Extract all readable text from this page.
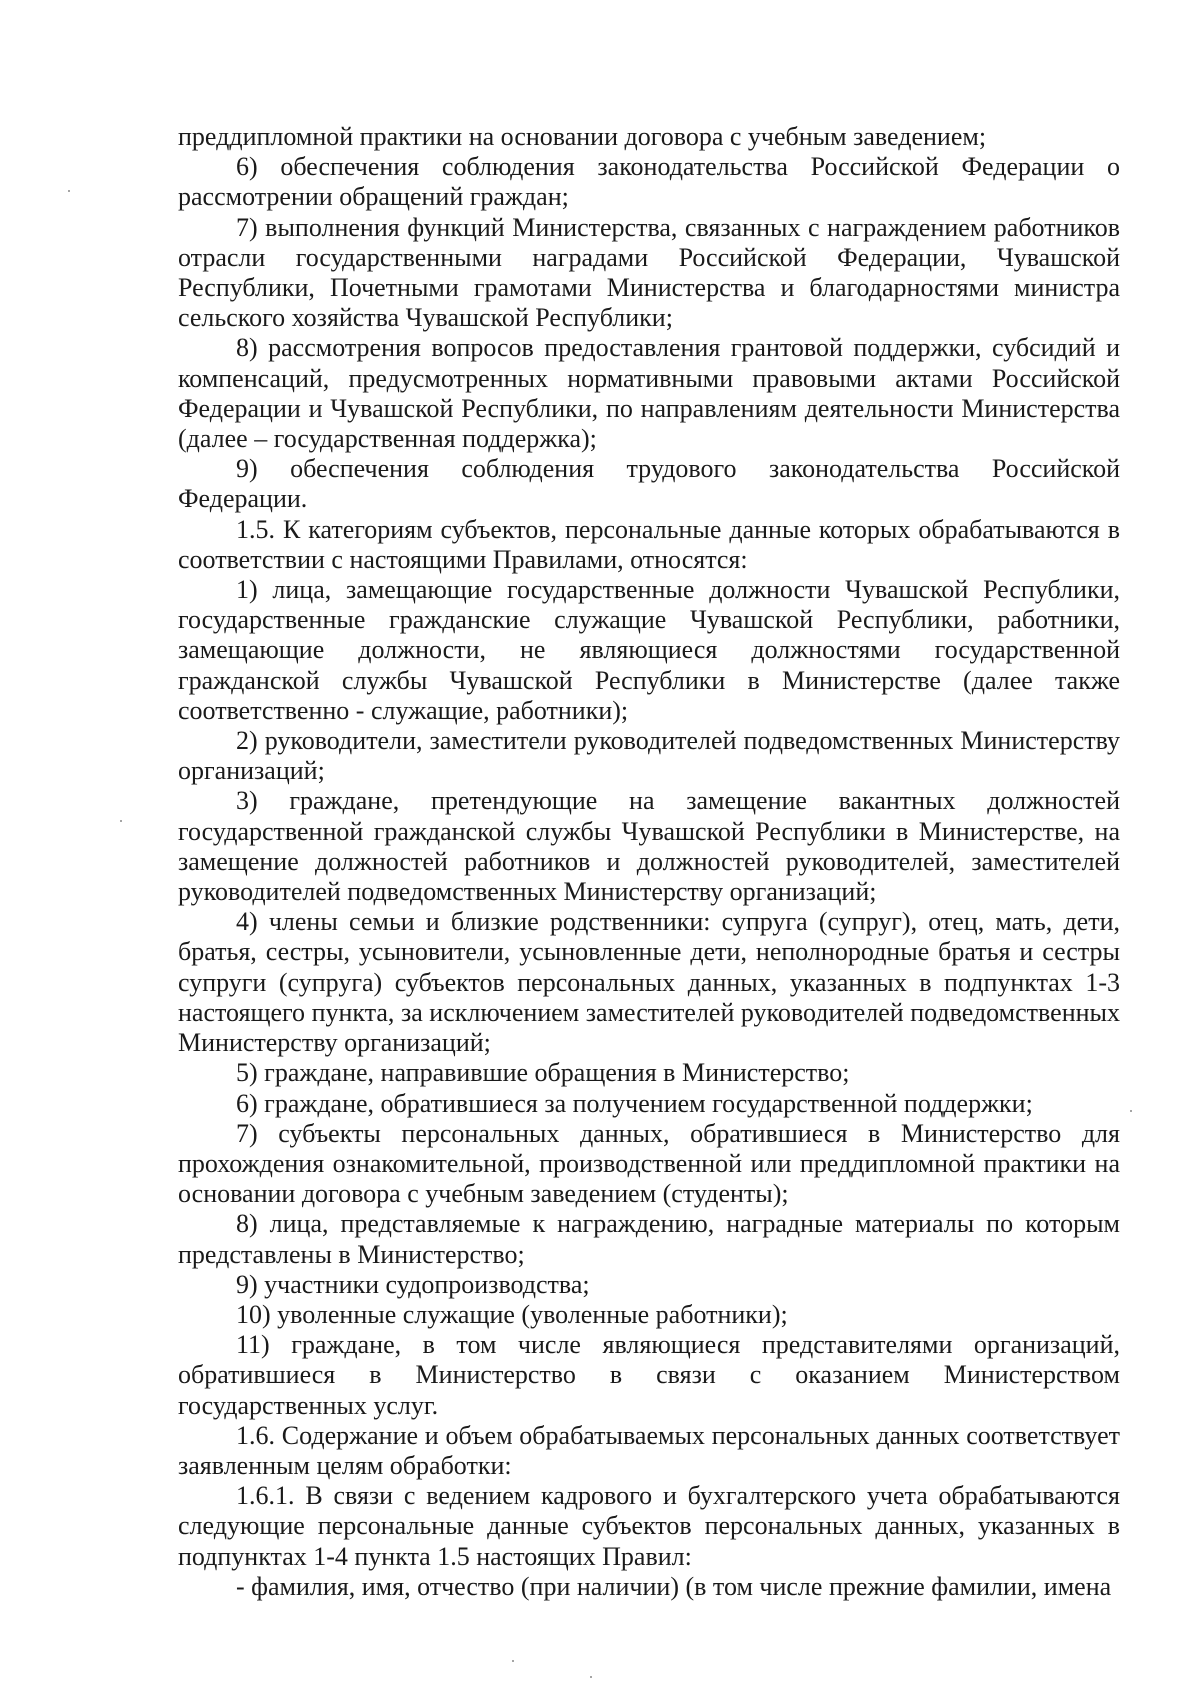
преддипломной практики на основании договора с учебным заведением;

6) обеспечения соблюдения законодательства Российской Федерации о рассмотрении обращений граждан;

7) выполнения функций Министерства, связанных с награждением работников отрасли государственными наградами Российской Федерации, Чувашской Республики, Почетными грамотами Министерства и благодарностями министра сельского хозяйства Чувашской Республики;

8) рассмотрения вопросов предоставления грантовой поддержки, субсидий и компенсаций, предусмотренных нормативными правовыми актами Российской Федерации и Чувашской Республики, по направлениям деятельности Министерства (далее – государственная поддержка);

9) обеспечения соблюдения трудового законодательства Российской Федерации.

1.5. К категориям субъектов, персональные данные которых обрабатываются в соответствии с настоящими Правилами, относятся:

1) лица, замещающие государственные должности Чувашской Республики, государственные гражданские служащие Чувашской Республики, работники, замещающие должности, не являющиеся должностями государственной гражданской службы Чувашской Республики в Министерстве (далее также соответственно - служащие, работники);

2) руководители, заместители руководителей подведомственных Министерству организаций;

3) граждане, претендующие на замещение вакантных должностей государственной гражданской службы Чувашской Республики в Министерстве, на замещение должностей работников и должностей руководителей, заместителей руководителей подведомственных Министерству организаций;

4) члены семьи и близкие родственники: супруга (супруг), отец, мать, дети, братья, сестры, усыновители, усыновленные дети, неполнородные братья и сестры супруги (супруга) субъектов персональных данных, указанных в подпунктах 1-3 настоящего пункта, за исключением заместителей руководителей подведомственных Министерству организаций;

5) граждане, направившие обращения в Министерство;

6) граждане, обратившиеся за получением государственной поддержки;

7) субъекты персональных данных, обратившиеся в Министерство для прохождения ознакомительной, производственной или преддипломной практики на основании договора с учебным заведением (студенты);

8) лица, представляемые к награждению, наградные материалы по которым представлены в Министерство;

9) участники судопроизводства;

10) уволенные служащие (уволенные работники);

11) граждане, в том числе являющиеся представителями организаций, обратившиеся в Министерство в связи с оказанием Министерством государственных услуг.

1.6. Содержание и объем обрабатываемых персональных данных соответствует заявленным целям обработки:

1.6.1. В связи с ведением кадрового и бухгалтерского учета обрабатываются следующие персональные данные субъектов персональных данных, указанных в подпунктах 1-4 пункта 1.5 настоящих Правил:

- фамилия, имя, отчество (при наличии) (в том числе прежние фамилии, имена
